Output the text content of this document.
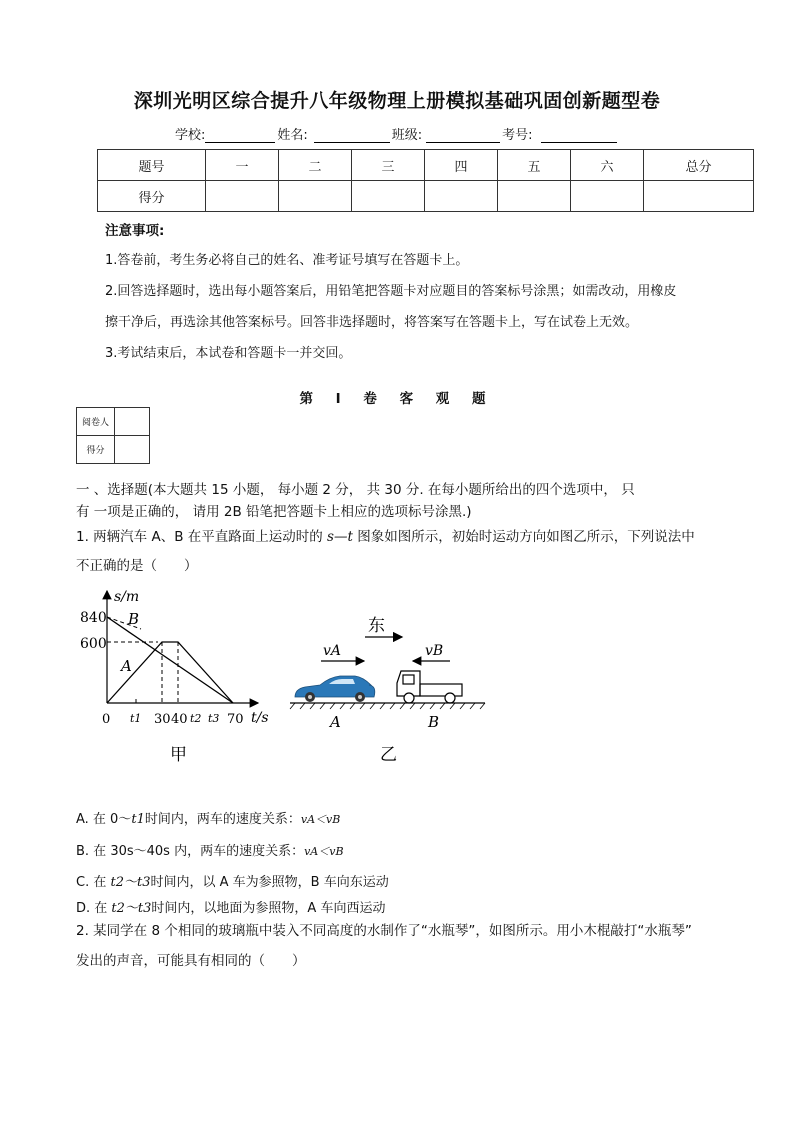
深圳光明区综合提升八年级物理上册模拟基础巩固创新题型卷
学校:	姓名:	班级:	考号:
题号	一	二	三	四	五	六	总分
得分							
注意事项:
1.答卷前，考生务必将自己的姓名、准考证号填写在答题卡上。
2.回答选择题时，选出每小题答案后，用铅笔把答题卡对应题目的答案标号涂黑；如需改动，用橡皮
擦干净后，再选涂其他答案标号。回答非选择题时，将答案写在答题卡上，写在试卷上无效。
3.考试结束后，本试卷和答题卡一并交回。
第 I 卷 客 观 题
阅卷人	
得分	
一 、选择题(本大题共 15 小题， 每小题 2 分， 共 30 分. 在每小题所给出的四个选项中， 只
有 一项是正确的， 请用 2B 铅笔把答题卡上相应的选项标号涂黑.)
1. 两辆汽车 A、B 在平直路面上运动时的 s—t 图象如图所示，初始时运动方向如图乙所示，下列说法中
不正确的是（　　）
s/m
t/s
840
600
0 t1 30 40 t2 t3 70
B
A
甲
东
vA	vB
A	B
乙
A. 在 0～t1时间内，两车的速度关系：vA＜vB
B. 在 30s～40s 内，两车的速度关系：vA＜vB
C. 在 t2～t3时间内，以 A 车为参照物，B 车向东运动
D. 在 t2～t3时间内，以地面为参照物，A 车向西运动
2. 某同学在 8 个相同的玻璃瓶中装入不同高度的水制作了“水瓶琴”，如图所示。用小木棍敲打“水瓶琴”
发出的声音，可能具有相同的（　　）
